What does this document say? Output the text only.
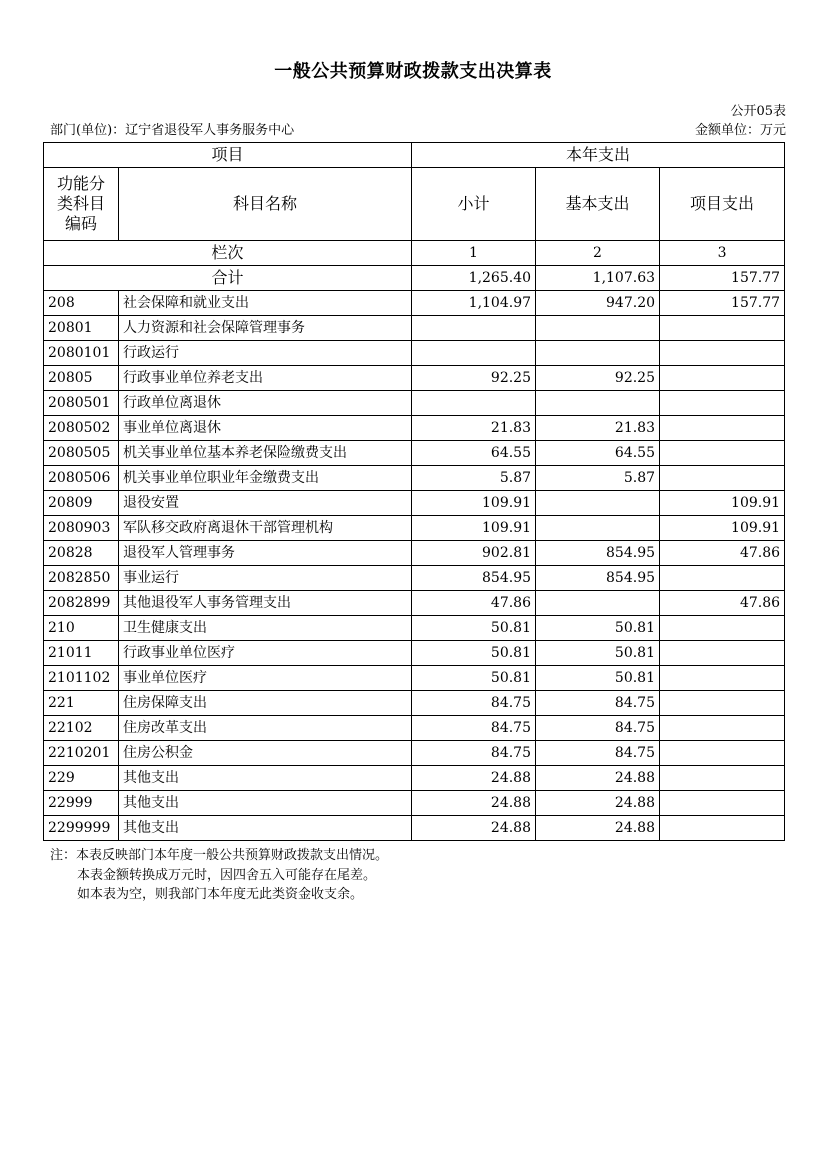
一般公共预算财政拨款支出决算表
公开05表
部门(单位)：辽宁省退役军人事务服务中心	金额单位：万元
项目		本年支出		
功能分类科目编码	科目名称	小计	基本支出	项目支出
栏次		1	2	3
合计		1,265.40	1,107.63	157.77
208	社会保障和就业支出	1,104.97	947.20	157.77
20801	人力资源和社会保障管理事务			
2080101	行政运行			
20805	行政事业单位养老支出	92.25	92.25	
2080501	行政单位离退休			
2080502	事业单位离退休	21.83	21.83	
2080505	机关事业单位基本养老保险缴费支出	64.55	64.55	
2080506	机关事业单位职业年金缴费支出	5.87	5.87	
20809	退役安置	109.91		109.91
2080903	军队移交政府离退休干部管理机构	109.91		109.91
20828	退役军人管理事务	902.81	854.95	47.86
2082850	事业运行	854.95	854.95	
2082899	其他退役军人事务管理支出	47.86		47.86
210	卫生健康支出	50.81	50.81	
21011	行政事业单位医疗	50.81	50.81	
2101102	事业单位医疗	50.81	50.81	
221	住房保障支出	84.75	84.75	
22102	住房改革支出	84.75	84.75	
2210201	住房公积金	84.75	84.75	
229	其他支出	24.88	24.88	
22999	其他支出	24.88	24.88	
2299999	其他支出	24.88	24.88	
注：本表反映部门本年度一般公共预算财政拨款支出情况。
本表金额转换成万元时，因四舍五入可能存在尾差。
如本表为空，则我部门本年度无此类资金收支余。
